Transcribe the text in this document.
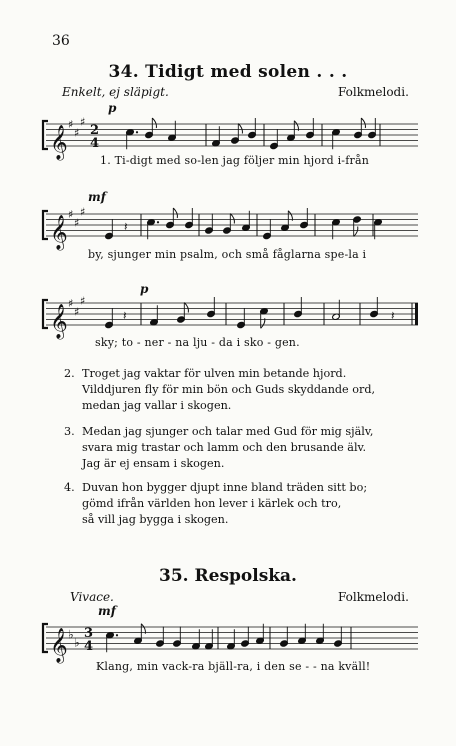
36
34. Tidigt med solen . . .
Enkelt, ej släpigt.	Folkmelodi.
p
𝄞
♯
♯
♯
2
4
1. Ti-digt med so-len jag följer min hjord i-från
mf
𝄞
♯
♯
♯
𝄽
by, sjunger min psalm, och små fåglarna spe-la i
p
𝄞
♯
♯
♯
𝄽	𝄽
sky; to - ner - na lju - da i sko - gen.
2. Troget jag vaktar för ulven min betande hjord.
Vilddjuren fly för min bön och Guds skyddande ord,
medan jag vallar i skogen.
3. Medan jag sjunger och talar med Gud för mig själv,
svara mig trastar och lamm och den brusande älv.
Jag är ej ensam i skogen.
4. Duvan hon bygger djupt inne bland träden sitt bo;
gömd ifrån världen hon lever i kärlek och tro,
så vill jag bygga i skogen.
35. Respolska.
Vivace.	Folkmelodi.
mf
𝄞 ♭
♭
3
4
Klang, min vack-ra bjäll-ra, i den se - - na kväll!
